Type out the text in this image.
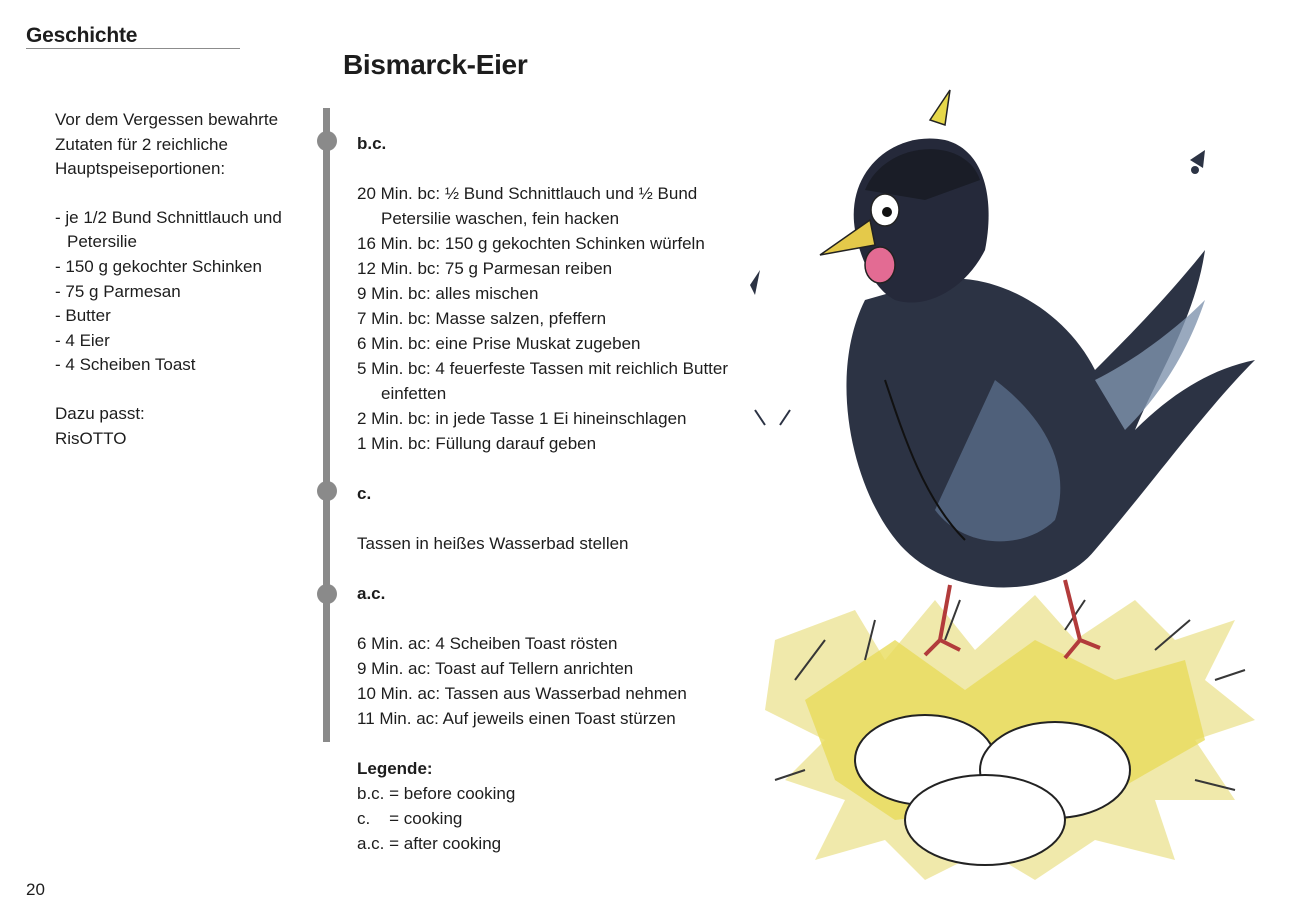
Geschichte
Bismarck-Eier

Vor dem Vergessen bewahrte Zutaten für 2 reichliche Hauptspeiseportionen:

- je 1/2 Bund Schnittlauch und Petersilie
- 150 g gekochter Schinken
- 75 g Parmesan
- Butter
- 4 Eier
- 4 Scheiben Toast
Dazu passt:
RisOTTO
b.c.
20 Min. bc: ½ Bund Schnittlauch und ½ Bund Petersilie waschen, fein hacken
16 Min. bc: 150 g gekochten Schinken würfeln
12 Min. bc: 75 g Parmesan reiben
9 Min. bc: alles mischen
7 Min. bc: Masse salzen, pfeffern
6 Min. bc: eine Prise Muskat zugeben
5 Min. bc: 4 feuerfeste Tassen mit reichlich Butter einfetten
2 Min. bc: in jede Tasse 1 Ei hineinschlagen
1 Min. bc: Füllung darauf geben
c.
Tassen in heißes Wasserbad stellen
a.c.
6 Min. ac: 4 Scheiben Toast rösten
9 Min. ac: Toast auf Tellern anrichten
10 Min. ac: Tassen aus Wasserbad nehmen
11 Min. ac: Auf jeweils einen Toast stürzen
Legende:
b.c. = before cooking
c.    = cooking
a.c. = after cooking
20
